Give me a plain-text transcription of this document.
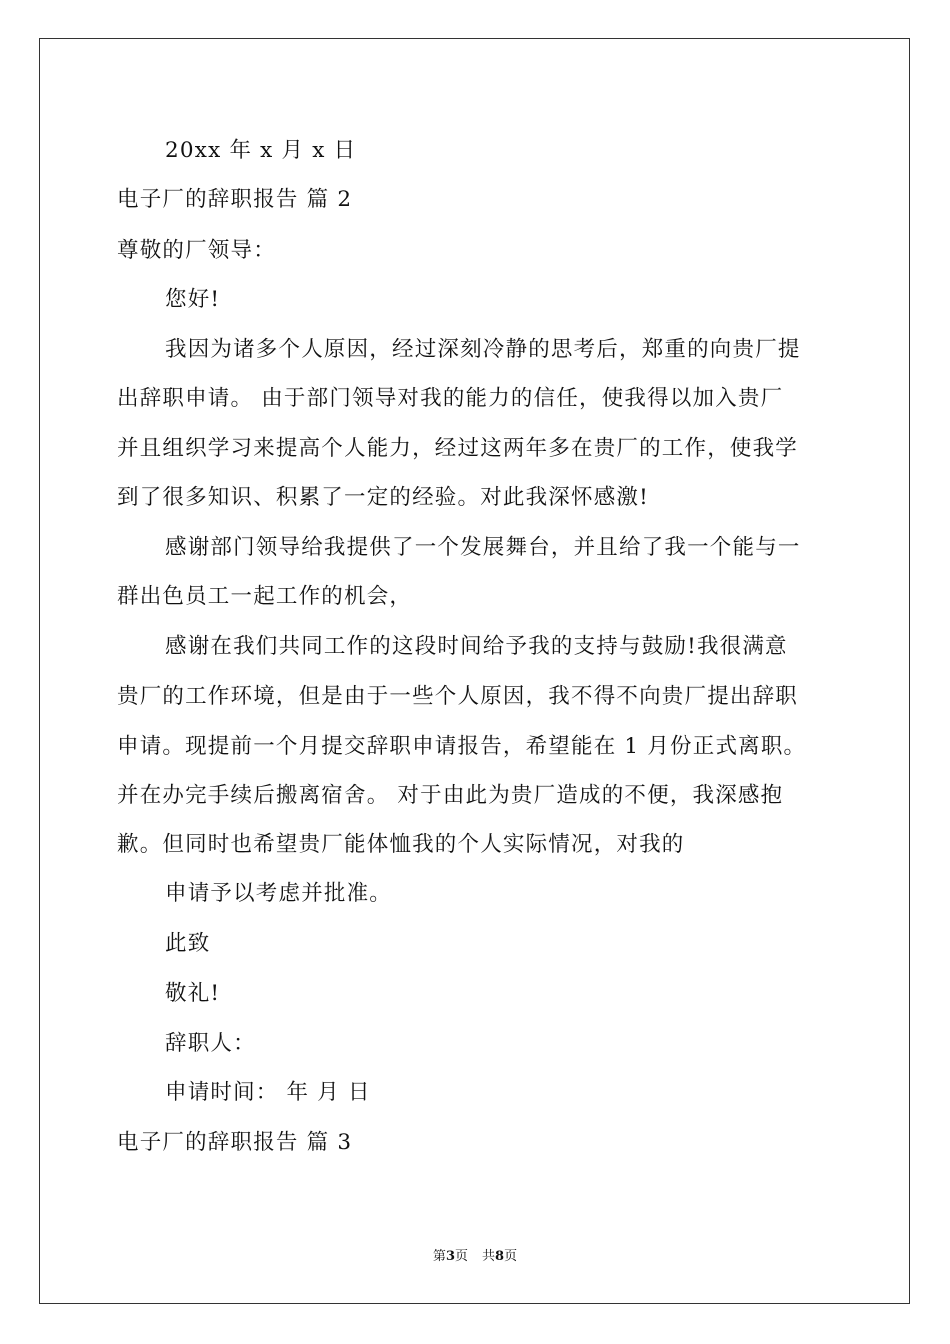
20xx 年 x 月 x 日
电子厂的辞职报告 篇 2
尊敬的厂领导：
您好!
我因为诸多个人原因，经过深刻冷静的思考后，郑重的向贵厂提
出辞职申请。 由于部门领导对我的能力的信任，使我得以加入贵厂
并且组织学习来提高个人能力，经过这两年多在贵厂的工作，使我学
到了很多知识、积累了一定的经验。对此我深怀感激!
感谢部门领导给我提供了一个发展舞台，并且给了我一个能与一
群出色员工一起工作的机会，
感谢在我们共同工作的这段时间给予我的支持与鼓励!我很满意
贵厂的工作环境，但是由于一些个人原因，我不得不向贵厂提出辞职
申请。现提前一个月提交辞职申请报告，希望能在 1 月份正式离职。
并在办完手续后搬离宿舍。 对于由此为贵厂造成的不便，我深感抱
歉。但同时也希望贵厂能体恤我的个人实际情况，对我的
申请予以考虑并批准。
此致
敬礼!
辞职人：
申请时间： 年 月 日
电子厂的辞职报告 篇 3
第3页 共8页
